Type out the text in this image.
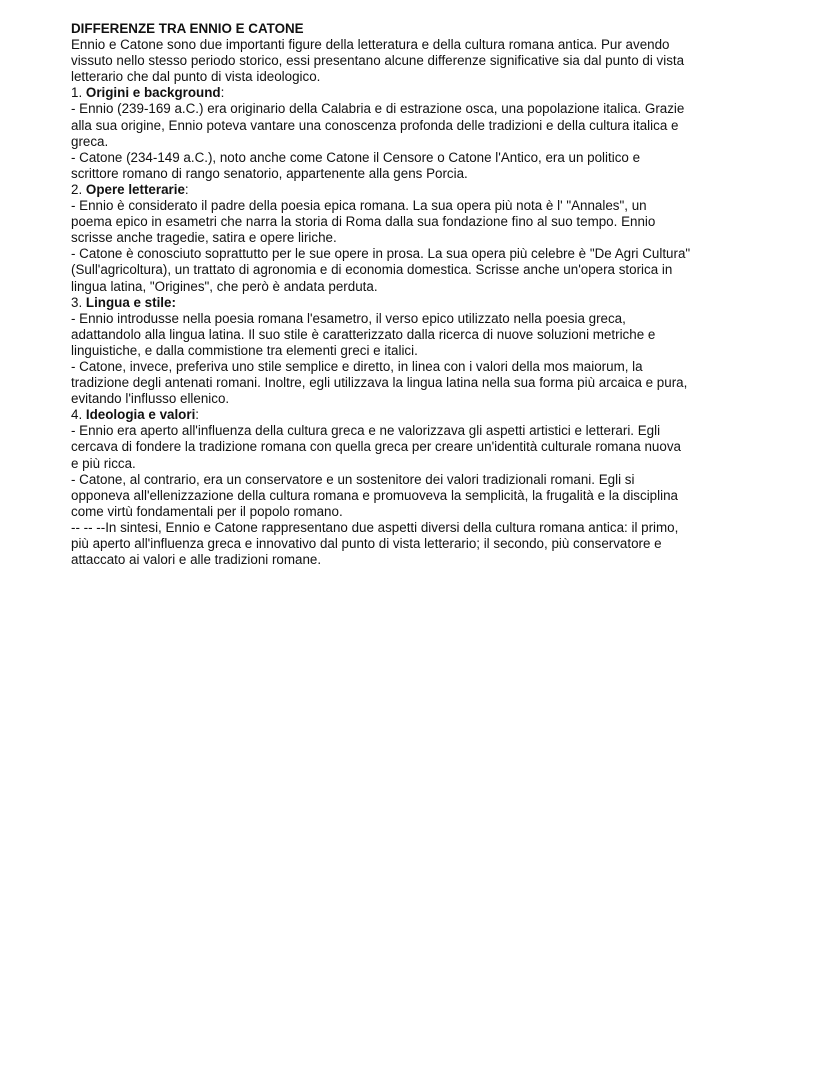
DIFFERENZE TRA ENNIO E CATONE

Ennio e Catone sono due importanti figure della letteratura e della cultura romana antica. Pur avendo vissuto nello stesso periodo storico, essi presentano alcune differenze significative sia dal punto di vista letterario che dal punto di vista ideologico.

1. Origini e background:

- Ennio (239-169 a.C.) era originario della Calabria e di estrazione osca, una popolazione italica. Grazie alla sua origine, Ennio poteva vantare una conoscenza profonda delle tradizioni e della cultura italica e greca.

- Catone (234-149 a.C.), noto anche come Catone il Censore o Catone l'Antico, era un politico e scrittore romano di rango senatorio, appartenente alla gens Porcia.

2. Opere letterarie:

- Ennio è considerato il padre della poesia epica romana. La sua opera più nota è l' "Annales", un poema epico in esametri che narra la storia di Roma dalla sua fondazione fino al suo tempo. Ennio scrisse anche tragedie, satira e opere liriche.

- Catone è conosciuto soprattutto per le sue opere in prosa. La sua opera più celebre è "De Agri Cultura" (Sull'agricoltura), un trattato di agronomia e di economia domestica. Scrisse anche un'opera storica in lingua latina, "Origines", che però è andata perduta.

3. Lingua e stile:

- Ennio introdusse nella poesia romana l'esametro, il verso epico utilizzato nella poesia greca, adattandolo alla lingua latina. Il suo stile è caratterizzato dalla ricerca di nuove soluzioni metriche e linguistiche, e dalla commistione tra elementi greci e italici.

- Catone, invece, preferiva uno stile semplice e diretto, in linea con i valori della mos maiorum, la tradizione degli antenati romani. Inoltre, egli utilizzava la lingua latina nella sua forma più arcaica e pura, evitando l'influsso ellenico.

4. Ideologia e valori:

- Ennio era aperto all'influenza della cultura greca e ne valorizzava gli aspetti artistici e letterari. Egli cercava di fondere la tradizione romana con quella greca per creare un'identità culturale romana nuova e più ricca.

- Catone, al contrario, era un conservatore e un sostenitore dei valori tradizionali romani. Egli si opponeva all'ellenizzazione della cultura romana e promuoveva la semplicità, la frugalità e la disciplina come virtù fondamentali per il popolo romano.

-- -- --In sintesi, Ennio e Catone rappresentano due aspetti diversi della cultura romana antica: il primo, più aperto all'influenza greca e innovativo dal punto di vista letterario; il secondo, più conservatore e attaccato ai valori e alle tradizioni romane.
